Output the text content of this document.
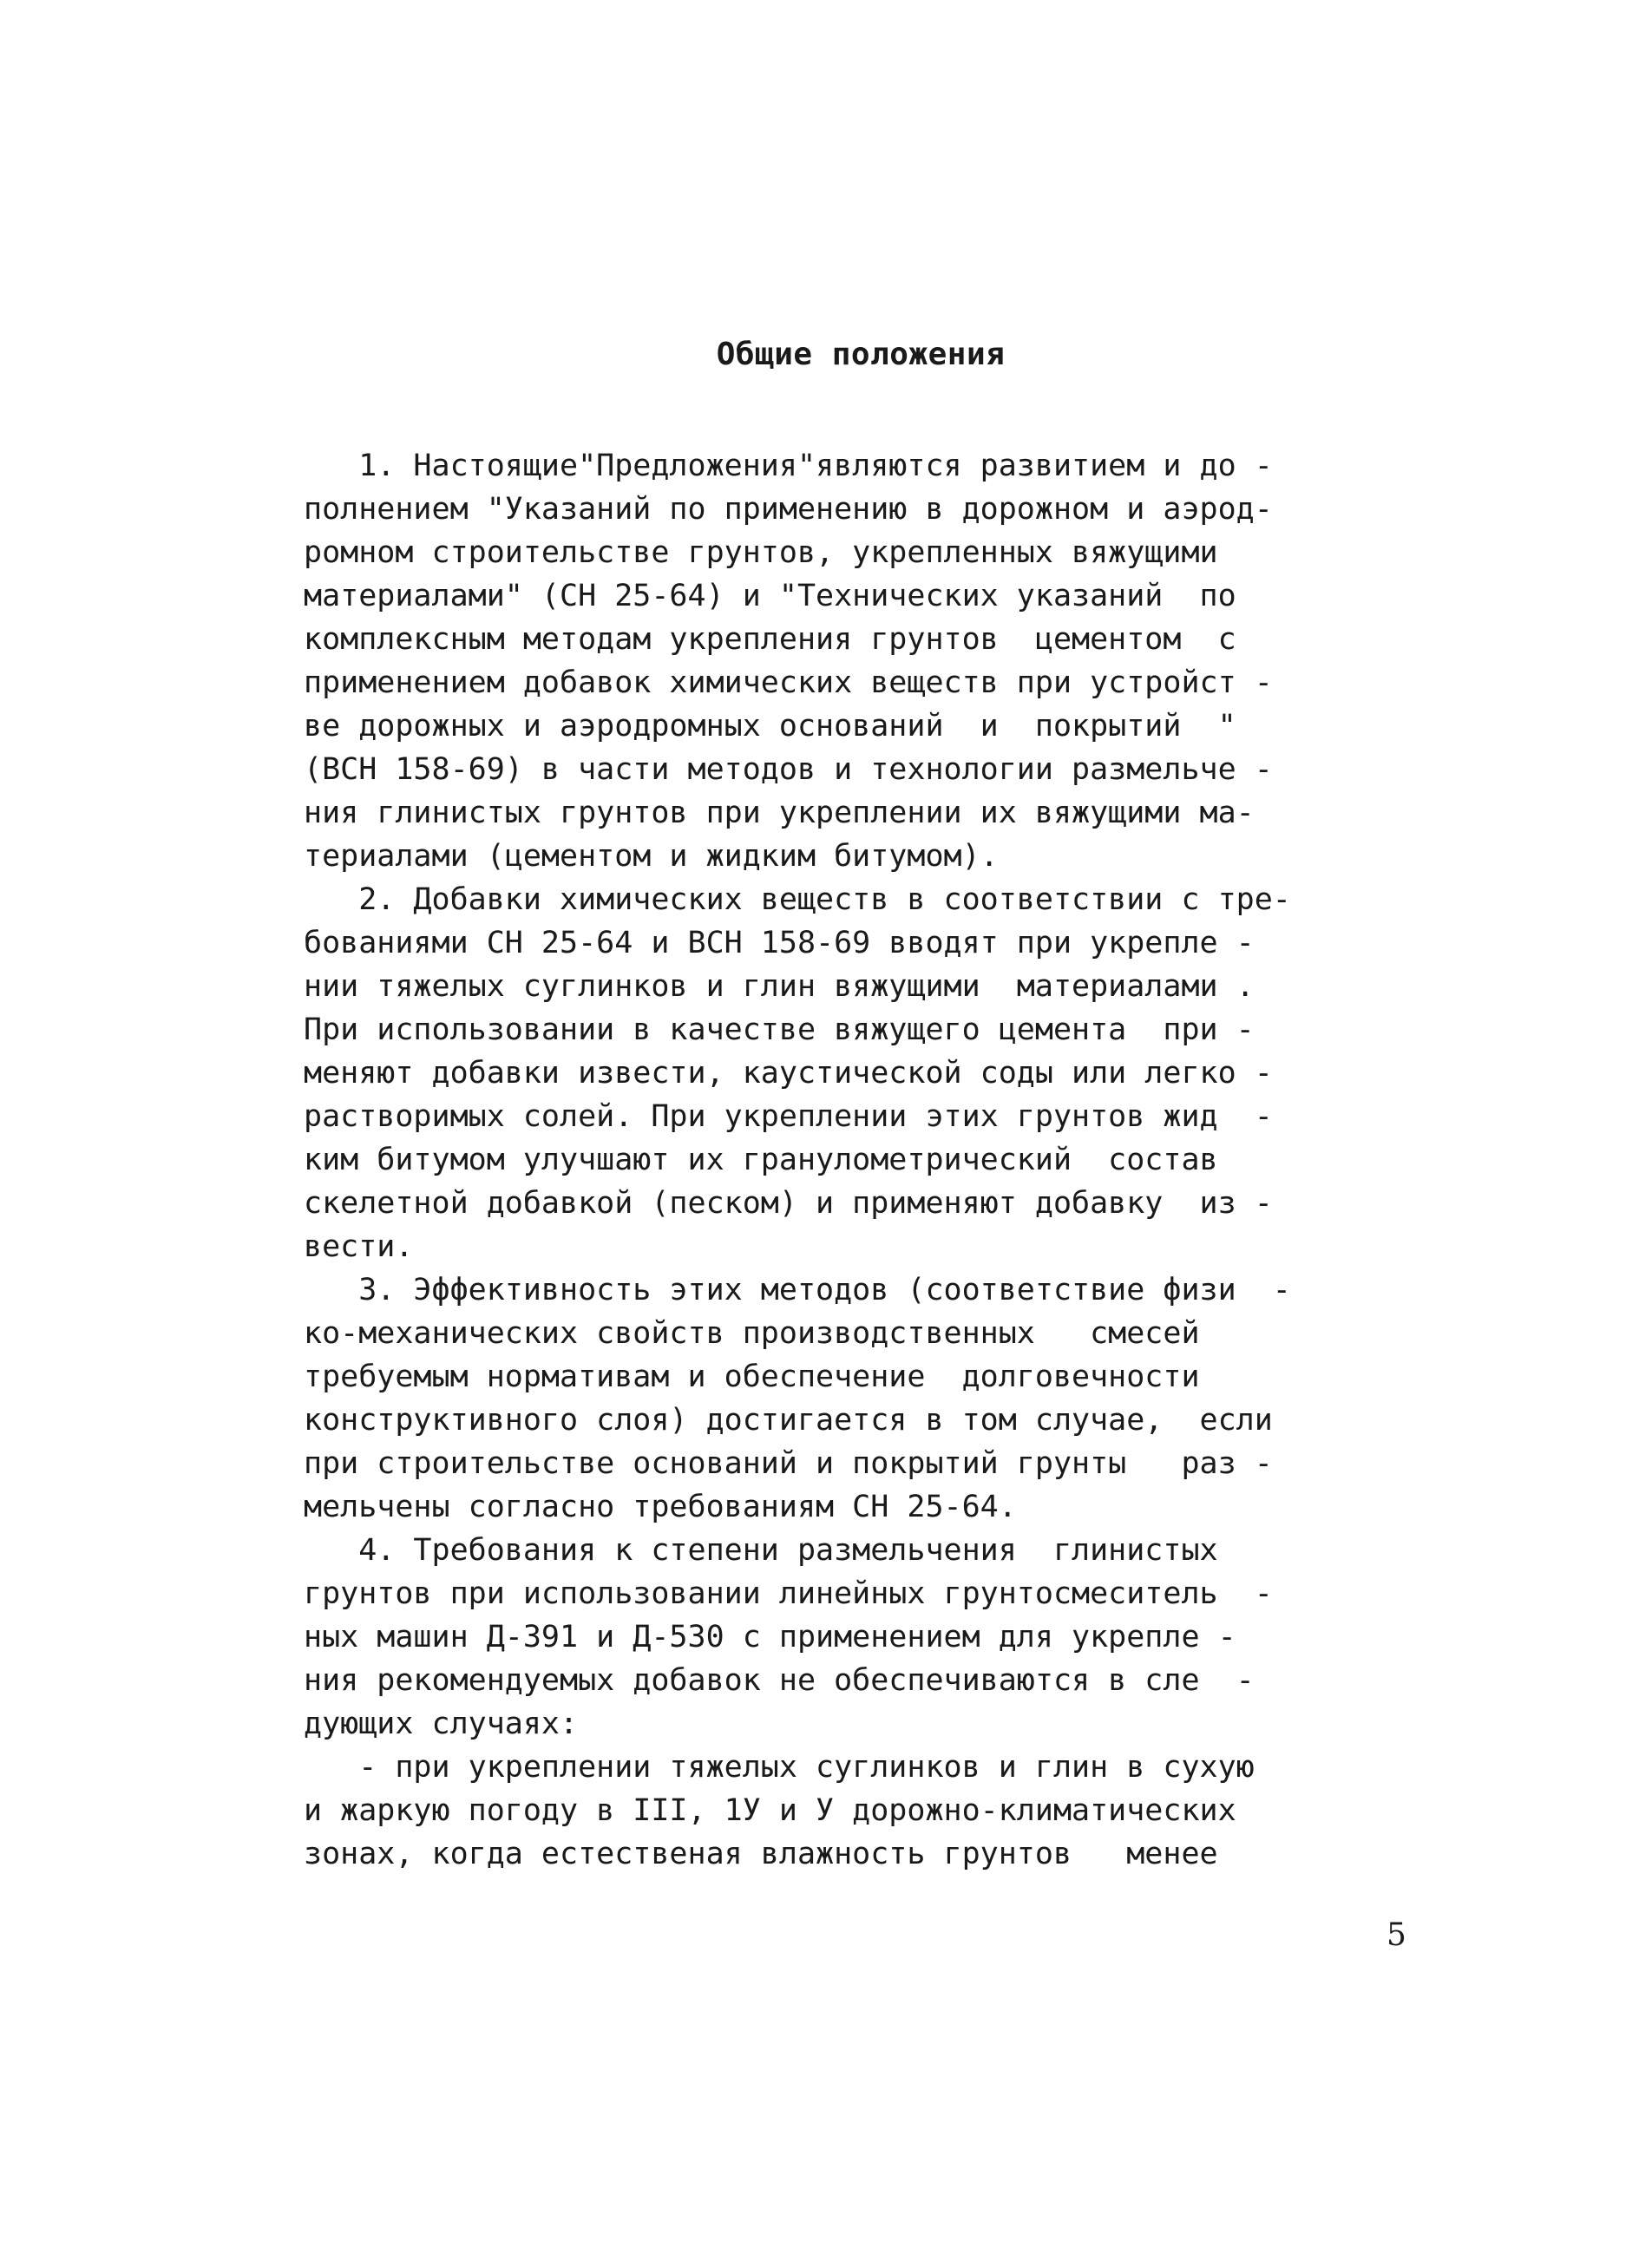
Общие положения
1. Настоящие"Предложения"являются развитием и до -
полнением "Указаний по применению в дорожном и аэрод-
ромном строительстве грунтов, укрепленных вяжущими
материалами" (СН 25-64) и "Технических указаний  по
комплексным методам укрепления грунтов  цементом  с
применением добавок химических веществ при устройст -
ве дорожных и аэродромных оснований  и  покрытий  "
(ВСН 158-69) в части методов и технологии размельче -
ния глинистых грунтов при укреплении их вяжущими ма-
териалами (цементом и жидким битумом).
2. Добавки химических веществ в соответствии с тре-
бованиями СН 25-64 и ВСН 158-69 вводят при укрепле -
нии тяжелых суглинков и глин вяжущими  материалами .
При использовании в качестве вяжущего цемента  при -
меняют добавки извести, каустической соды или легко -
растворимых солей. При укреплении этих грунтов жид  -
ким битумом улучшают их гранулометрический  состав
скелетной добавкой (песком) и применяют добавку  из -
вести.
3. Эффективность этих методов (соответствие физи  -
ко-механических свойств производственных   смесей
требуемым нормативам и обеспечение  долговечности
конструктивного слоя) достигается в том случае,  если
при строительстве оснований и покрытий грунты   раз -
мельчены согласно требованиям СН 25-64.
4. Требования к степени размельчения  глинистых
грунтов при использовании линейных грунтосмеситель  -
ных машин Д-391 и Д-530 с применением для укрепле -
ния рекомендуемых добавок не обеспечиваются в сле  -
дующих случаях:
- при укреплении тяжелых суглинков и глин в сухую
и жаркую погоду в III, 1У и У дорожно-климатических
зонах, когда естественая влажность грунтов   менее
5
